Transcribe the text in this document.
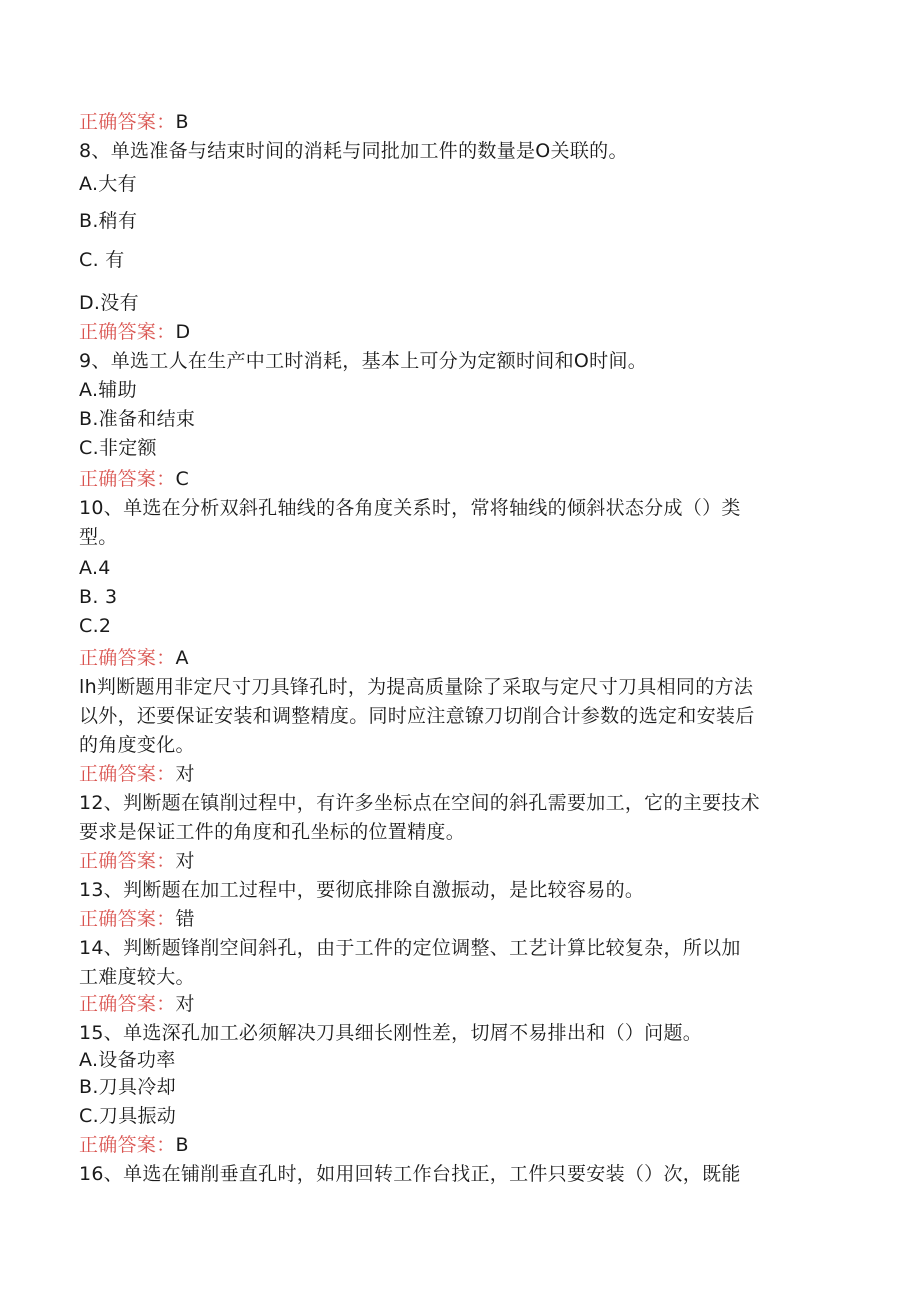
正确答案：B

8、单选准备与结束时间的消耗与同批加工件的数量是O关联的。

A.大有

B.稍有

C. 有

D.没有

正确答案：D

9、单选工人在生产中工时消耗，基本上可分为定额时间和O时间。

A.辅助

B.准备和结束

C.非定额

正确答案：C

10、单选在分析双斜孔轴线的各角度关系时，常将轴线的倾斜状态分成（）类

型。

A.4

B. 3

C.2

正确答案：A

lh判断题用非定尺寸刀具锋孔时，为提高质量除了采取与定尺寸刀具相同的方法

以外，还要保证安装和调整精度。同时应注意镣刀切削合计参数的选定和安装后

的角度变化。

正确答案：对

12、判断题在镇削过程中，有许多坐标点在空间的斜孔需要加工，它的主要技术

要求是保证工件的角度和孔坐标的位置精度。

正确答案：对

13、判断题在加工过程中，要彻底排除自激振动，是比较容易的。

正确答案：错

14、判断题锋削空间斜孔，由于工件的定位调整、工艺计算比较复杂，所以加

工难度较大。

正确答案：对

15、单选深孔加工必须解决刀具细长刚性差，切屑不易排出和（）问题。

A.设备功率

B.刀具冷却

C.刀具振动

正确答案：B

16、单选在铺削垂直孔时，如用回转工作台找正，工件只要安装（）次，既能
